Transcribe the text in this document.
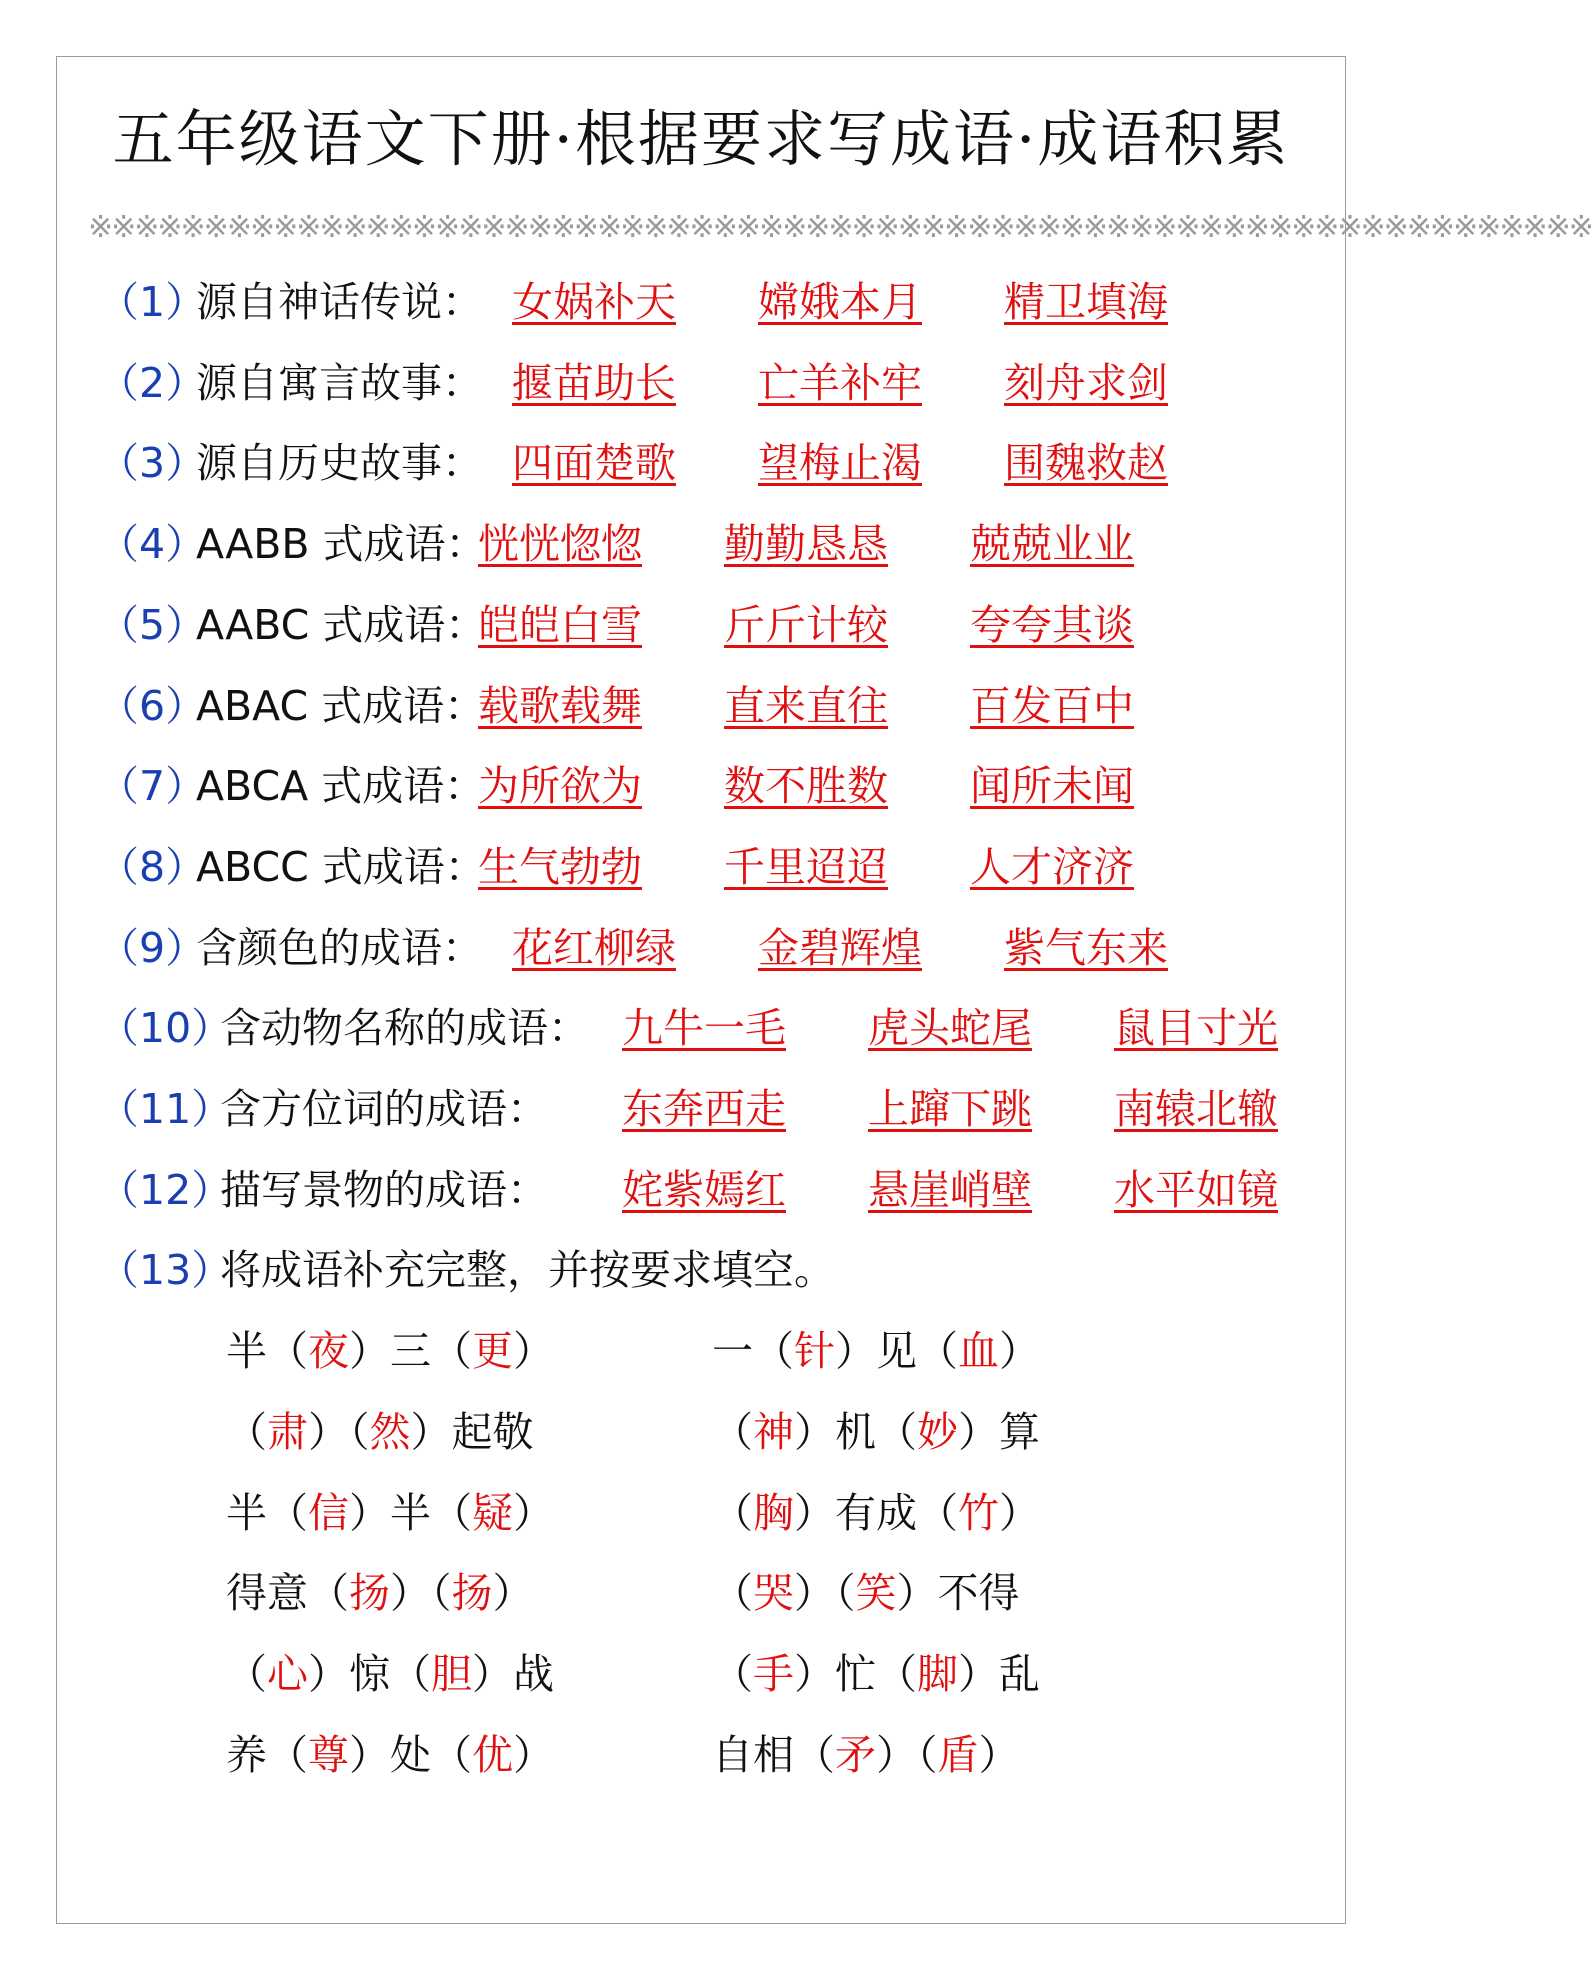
五年级语文下册·根据要求写成语·成语积累
※※※※※※※※※※※※※※※※※※※※※※※※※※※※※※※※※※※※※※※※※※※※※※※※※※※※※※※※※※※※※※※※※
（1）
源自神话传说： 女娲补天 嫦娥本月 精卫填海
（2）
源自寓言故事： 揠苗助长 亡羊补牢 刻舟求剑
（3）
源自历史故事： 四面楚歌 望梅止渴 围魏救赵
（4）
AABB 式成语：
恍恍惚惚 勤勤恳恳 兢兢业业
（5）
AABC 式成语：
皑皑白雪 斤斤计较 夸夸其谈
（6）
ABAC 式成语：
载歌载舞 直来直往 百发百中
（7）
ABCA 式成语：
为所欲为 数不胜数 闻所未闻
（8）
ABCC 式成语：
生气勃勃 千里迢迢 人才济济
（9）
含颜色的成语： 花红柳绿 金碧辉煌 紫气东来
（10）
含动物名称的成语： 九牛一毛 虎头蛇尾 鼠目寸光
（11）
含方位词的成语： 东奔西走 上蹿下跳 南辕北辙
（12）
描写景物的成语： 姹紫嫣红 悬崖峭壁 水平如镜
（13）
将成语补充完整，并按要求填空。
半（夜）三（更）	一（针）见（血）
（肃）（然）起敬	（神）机（妙）算
半（信）半（疑）	（胸）有成（竹）
得意（扬）（扬）	（哭）（笑）不得
（心）惊（胆）战	（手）忙（脚）乱
养（尊）处（优）	自相（矛）（盾）
